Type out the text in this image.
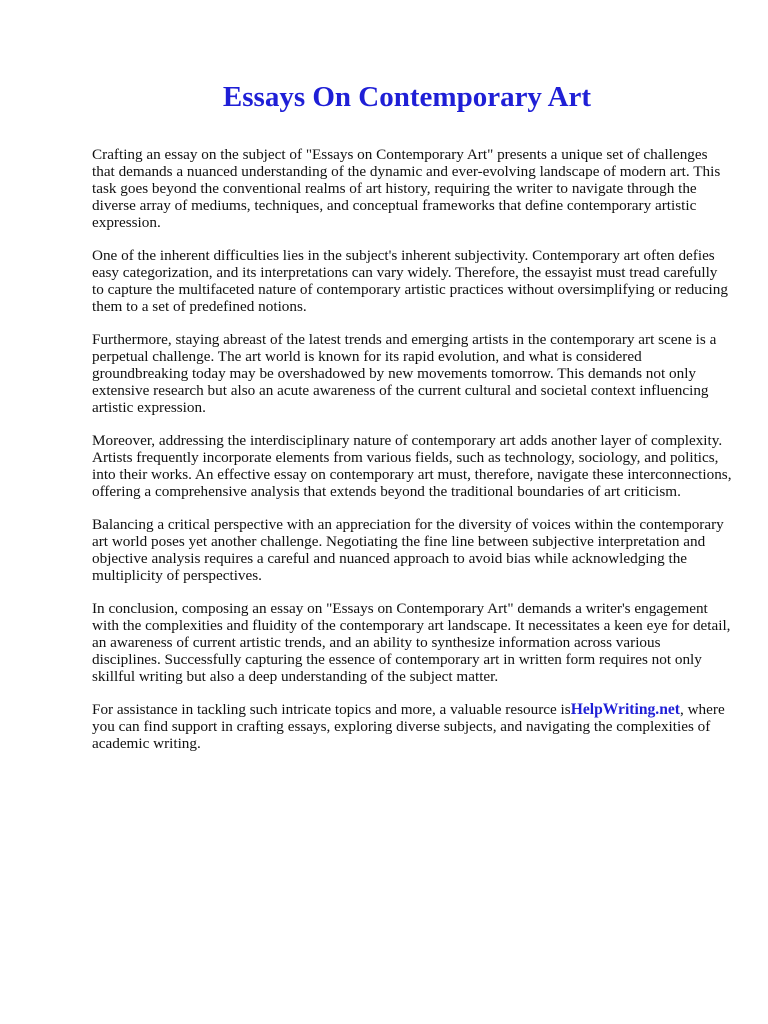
Essays On Contemporary Art

Crafting an essay on the subject of "Essays on Contemporary Art" presents a unique set of challenges that demands a nuanced understanding of the dynamic and ever-evolving landscape of modern art. This task goes beyond the conventional realms of art history, requiring the writer to navigate through the diverse array of mediums, techniques, and conceptual frameworks that define contemporary artistic expression.

One of the inherent difficulties lies in the subject's inherent subjectivity. Contemporary art often defies easy categorization, and its interpretations can vary widely. Therefore, the essayist must tread carefully to capture the multifaceted nature of contemporary artistic practices without oversimplifying or reducing them to a set of predefined notions.

Furthermore, staying abreast of the latest trends and emerging artists in the contemporary art scene is a perpetual challenge. The art world is known for its rapid evolution, and what is considered groundbreaking today may be overshadowed by new movements tomorrow. This demands not only extensive research but also an acute awareness of the current cultural and societal context influencing artistic expression.

Moreover, addressing the interdisciplinary nature of contemporary art adds another layer of complexity. Artists frequently incorporate elements from various fields, such as technology, sociology, and politics, into their works. An effective essay on contemporary art must, therefore, navigate these interconnections, offering a comprehensive analysis that extends beyond the traditional boundaries of art criticism.

Balancing a critical perspective with an appreciation for the diversity of voices within the contemporary art world poses yet another challenge. Negotiating the fine line between subjective interpretation and objective analysis requires a careful and nuanced approach to avoid bias while acknowledging the multiplicity of perspectives.

In conclusion, composing an essay on "Essays on Contemporary Art" demands a writer's engagement with the complexities and fluidity of the contemporary art landscape. It necessitates a keen eye for detail, an awareness of current artistic trends, and an ability to synthesize information across various disciplines. Successfully capturing the essence of contemporary art in written form requires not only skillful writing but also a deep understanding of the subject matter.

For assistance in tackling such intricate topics and more, a valuable resource isHelpWriting.net, where you can find support in crafting essays, exploring diverse subjects, and navigating the complexities of academic writing.
